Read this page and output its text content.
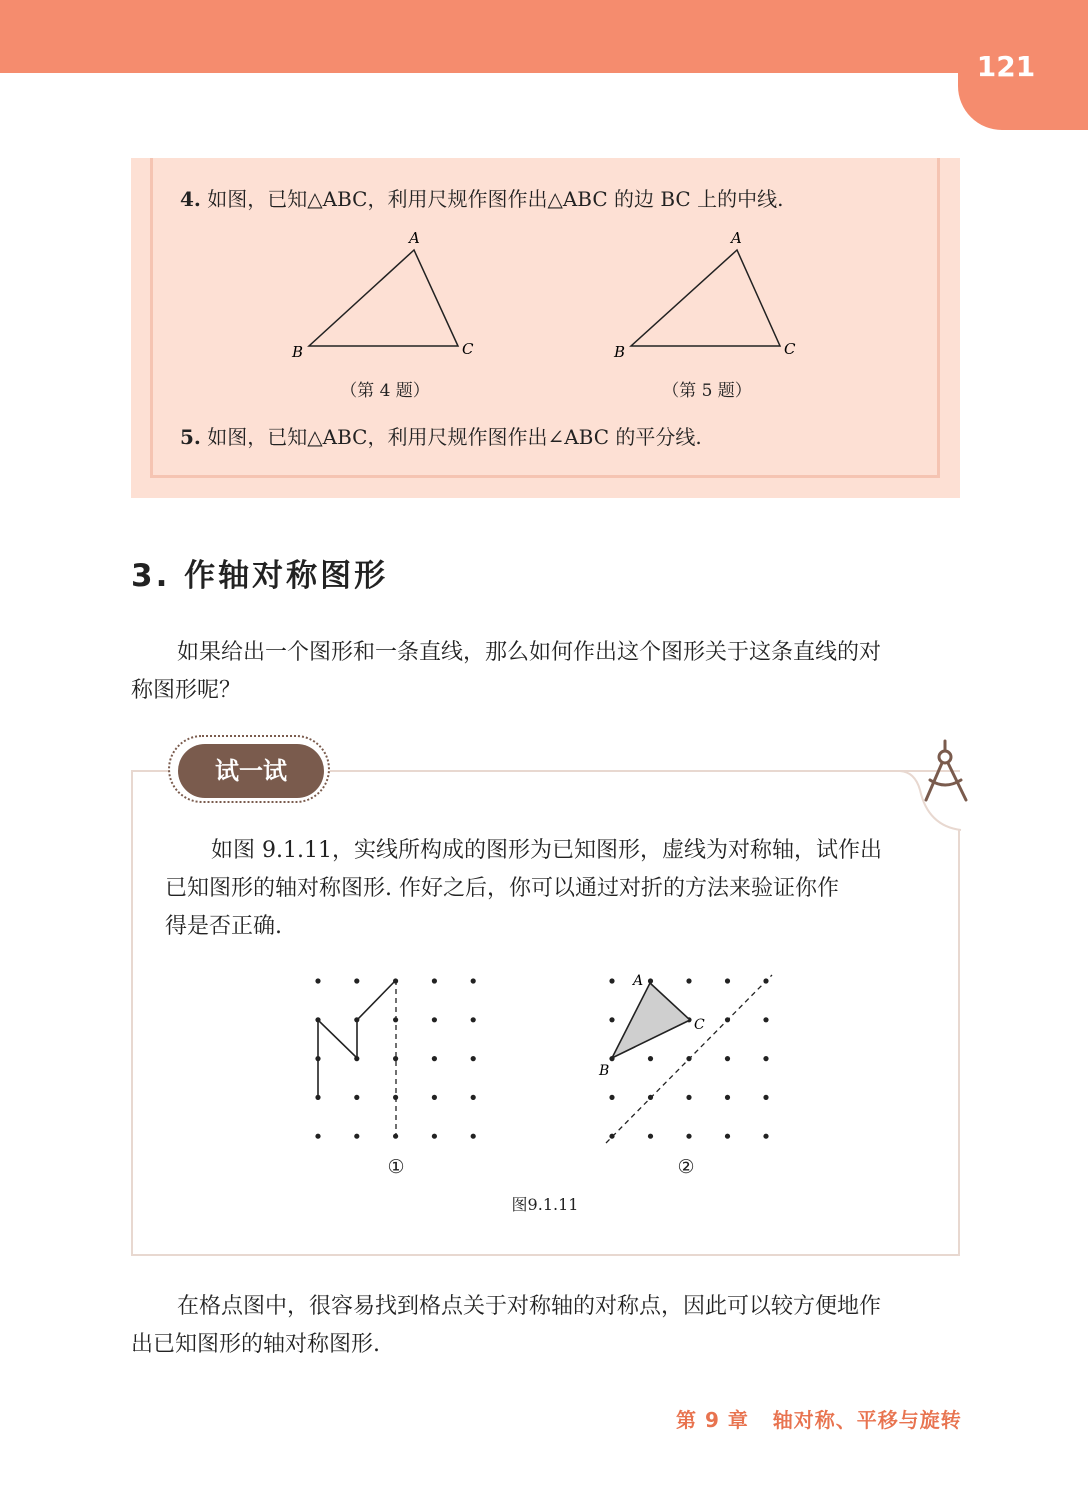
121
4. 如图，已知△ABC，利用尺规作图作出△ABC 的边 BC 上的中线.
A
B	C
A
B	C
（第 4 题）	（第 5 题）
5. 如图，已知△ABC，利用尺规作图作出∠ABC 的平分线.
3. 作轴对称图形
如果给出一个图形和一条直线，那么如何作出这个图形关于这条直线的对
称图形呢？
试一试
如图 9.1.11，实线所构成的图形为已知图形，虚线为对称轴，试作出
已知图形的轴对称图形. 作好之后，你可以通过对折的方法来验证你作
得是否正确.
A
C
B
①	②
图9.1.11
在格点图中，很容易找到格点关于对称轴的对称点，因此可以较方便地作
出已知图形的轴对称图形.
第 9 章   轴对称、平移与旋转
